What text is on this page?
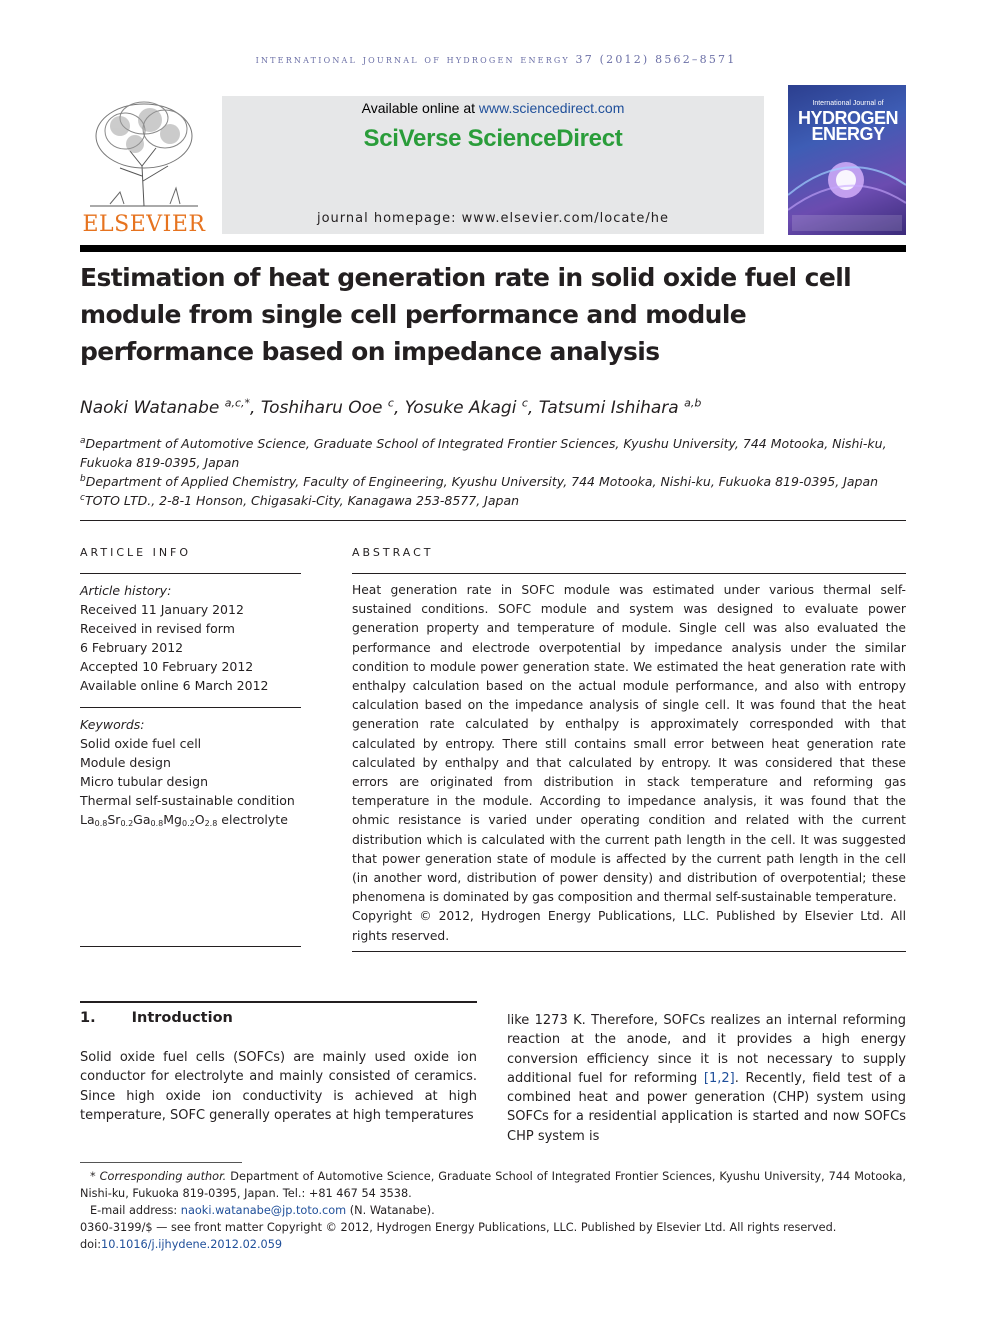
international journal of hydrogen energy 37 (2012) 8562–8571
ELSEVIER
Available online at www.sciencedirect.com
SciVerse ScienceDirect
journal homepage: www.elsevier.com/locate/he
International Journal of
HYDROGEN ENERGY
Estimation of heat generation rate in solid oxide fuel cell module from single cell performance and module performance based on impedance analysis
Naoki Watanabe $^{a,c,*}$, Toshiharu Ooe $^c$, Yosuke Akagi $^c$, Tatsumi Ishihara $^{a,b}$
$^a$Department of Automotive Science, Graduate School of Integrated Frontier Sciences, Kyushu University, 744 Motooka, Nishi-ku,
Fukuoka 819-0395, Japan
$^b$Department of Applied Chemistry, Faculty of Engineering, Kyushu University, 744 Motooka, Nishi-ku, Fukuoka 819-0395, Japan
$^c$TOTO LTD., 2-8-1 Honson, Chigasaki-City, Kanagawa 253-8577, Japan
ARTICLE INFO
Article history:
Received 11 January 2012
Received in revised form
6 February 2012
Accepted 10 February 2012
Available online 6 March 2012
Keywords:
Solid oxide fuel cell
Module design
Micro tubular design
Thermal self-sustainable condition
La0.8Sr0.2Ga0.8Mg0.2O2.8 electrolyte
ABSTRACT

Heat generation rate in SOFC module was estimated under various thermal self-sustained conditions. SOFC module and system was designed to evaluate power generation property and temperature of module. Single cell was also evaluated the performance and electrode overpotential by impedance analysis under the similar condition to module power generation state. We estimated the heat generation rate with enthalpy calculation based on the actual module performance, and also with entropy calculation based on the impedance analysis of single cell. It was found that the heat generation rate calculated by enthalpy is approximately corresponded with that calculated by entropy. There still contains small error between heat generation rate calculated by enthalpy and that calculated by entropy. It was considered that these errors are originated from distribution in stack temperature and reforming gas temperature in the module. According to impedance analysis, it was found that the ohmic resistance is varied under operating condition and related with the current distribution which is calculated with the current path length in the cell. It was suggested that power generation state of module is affected by the current path length in the cell (in another word, distribution of power density) and distribution of overpotential; these phenomena is dominated by gas composition and thermal self-sustainable temperature.

Copyright © 2012, Hydrogen Energy Publications, LLC. Published by Elsevier Ltd. All rights reserved.

1. Introduction
Solid oxide fuel cells (SOFCs) are mainly used oxide ion conductor for electrolyte and mainly consisted of ceramics. Since high oxide ion conductivity is achieved at high temperature, SOFC generally operates at high temperatures
like 1273 K. Therefore, SOFCs realizes an internal reforming reaction at the anode, and it provides a high energy conversion efficiency since it is not necessary to supply additional fuel for reforming [1,2]. Recently, field test of a combined heat and power generation (CHP) system using SOFCs for a residential application is started and now SOFCs CHP system is
* Corresponding author. Department of Automotive Science, Graduate School of Integrated Frontier Sciences, Kyushu University, 744 Motooka, Nishi-ku, Fukuoka 819-0395, Japan. Tel.: +81 467 54 3538.
E-mail address: naoki.watanabe@jp.toto.com (N. Watanabe).
0360-3199/$ — see front matter Copyright © 2012, Hydrogen Energy Publications, LLC. Published by Elsevier Ltd. All rights reserved.
doi:10.1016/j.ijhydene.2012.02.059
